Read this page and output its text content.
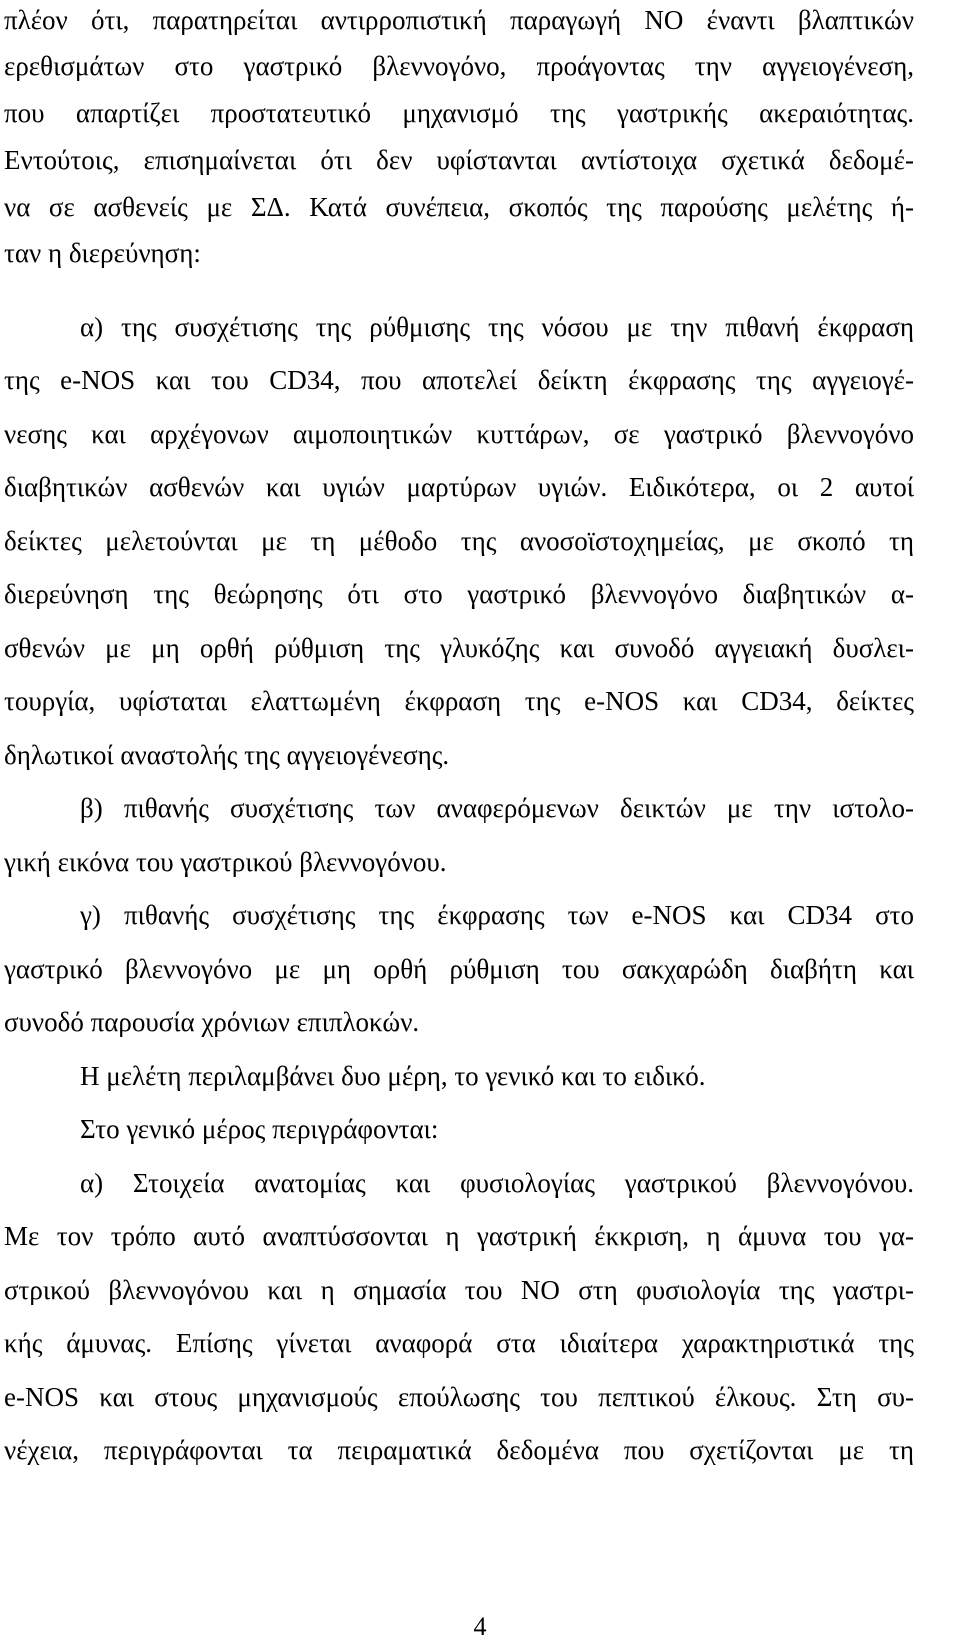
πλέον ότι, παρατηρείται αντιρροπιστική παραγωγή NO έναντι βλαπτικών
ερεθισμάτων στο γαστρικό βλεννογόνο, προάγοντας την αγγειογένεση,
που απαρτίζει προστατευτικό μηχανισμό της γαστρικής ακεραιότητας.
Εντούτοις, επισημαίνεται ότι δεν υφίστανται αντίστοιχα σχετικά δεδομέ-
να σε ασθενείς με ΣΔ. Κατά συνέπεια, σκοπός της παρούσης μελέτης ή-
ταν η διερεύνηση:
α) της συσχέτισης της ρύθμισης της νόσου με την πιθανή έκφραση
της e-NOS και του CD34, που αποτελεί δείκτη έκφρασης της αγγειογέ-
νεσης και αρχέγονων αιμοποιητικών κυττάρων, σε γαστρικό βλεννογόνο
διαβητικών ασθενών και υγιών μαρτύρων υγιών. Ειδικότερα, οι 2 αυτοί
δείκτες μελετούνται με τη μέθοδο της ανοσοϊστοχημείας, με σκοπό τη
διερεύνηση της θεώρησης ότι στο γαστρικό βλεννογόνο διαβητικών α-
σθενών με μη ορθή ρύθμιση της γλυκόζης και συνοδό αγγειακή δυσλει-
τουργία, υφίσταται ελαττωμένη έκφραση της e-NOS και CD34, δείκτες
δηλωτικοί αναστολής της αγγειογένεσης.
β) πιθανής συσχέτισης των αναφερόμενων δεικτών με την ιστολο-
γική εικόνα του γαστρικού βλεννογόνου.
γ) πιθανής συσχέτισης της έκφρασης των e-NOS και CD34 στο
γαστρικό βλεννογόνο με μη ορθή ρύθμιση του σακχαρώδη διαβήτη και
συνοδό παρουσία χρόνιων επιπλοκών.
Η μελέτη περιλαμβάνει δυο μέρη, το γενικό και το ειδικό.
Στο γενικό μέρος περιγράφονται:
α) Στοιχεία ανατομίας και φυσιολογίας γαστρικού βλεννογόνου.
Με τον τρόπο αυτό αναπτύσσονται η γαστρική έκκριση, η άμυνα του γα-
στρικού βλεννογόνου και η σημασία του NO στη φυσιολογία της γαστρι-
κής άμυνας. Επίσης γίνεται αναφορά στα ιδιαίτερα χαρακτηριστικά της
e-NOS και στους μηχανισμούς επούλωσης του πεπτικού έλκους. Στη συ-
νέχεια, περιγράφονται τα πειραματικά δεδομένα που σχετίζονται με τη
4
